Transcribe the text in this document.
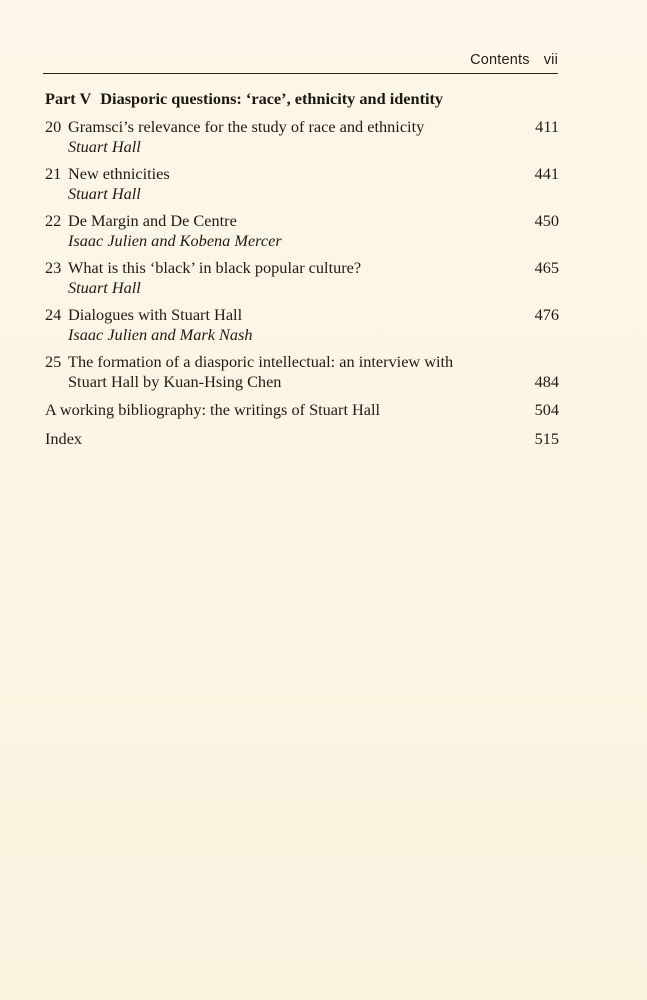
Contents vii
Part V Diasporic questions: ‘race’, ethnicity and identity
20 Gramsci’s relevance for the study of race and ethnicity	411
Stuart Hall
21 New ethnicities	441
Stuart Hall
22 De Margin and De Centre	450
Isaac Julien and Kobena Mercer
23 What is this ‘black’ in black popular culture?	465
Stuart Hall
24 Dialogues with Stuart Hall	476
Isaac Julien and Mark Nash
25 The formation of a diasporic intellectual: an interview with
Stuart Hall by Kuan-Hsing Chen	484
A working bibliography: the writings of Stuart Hall	504
Index	515
